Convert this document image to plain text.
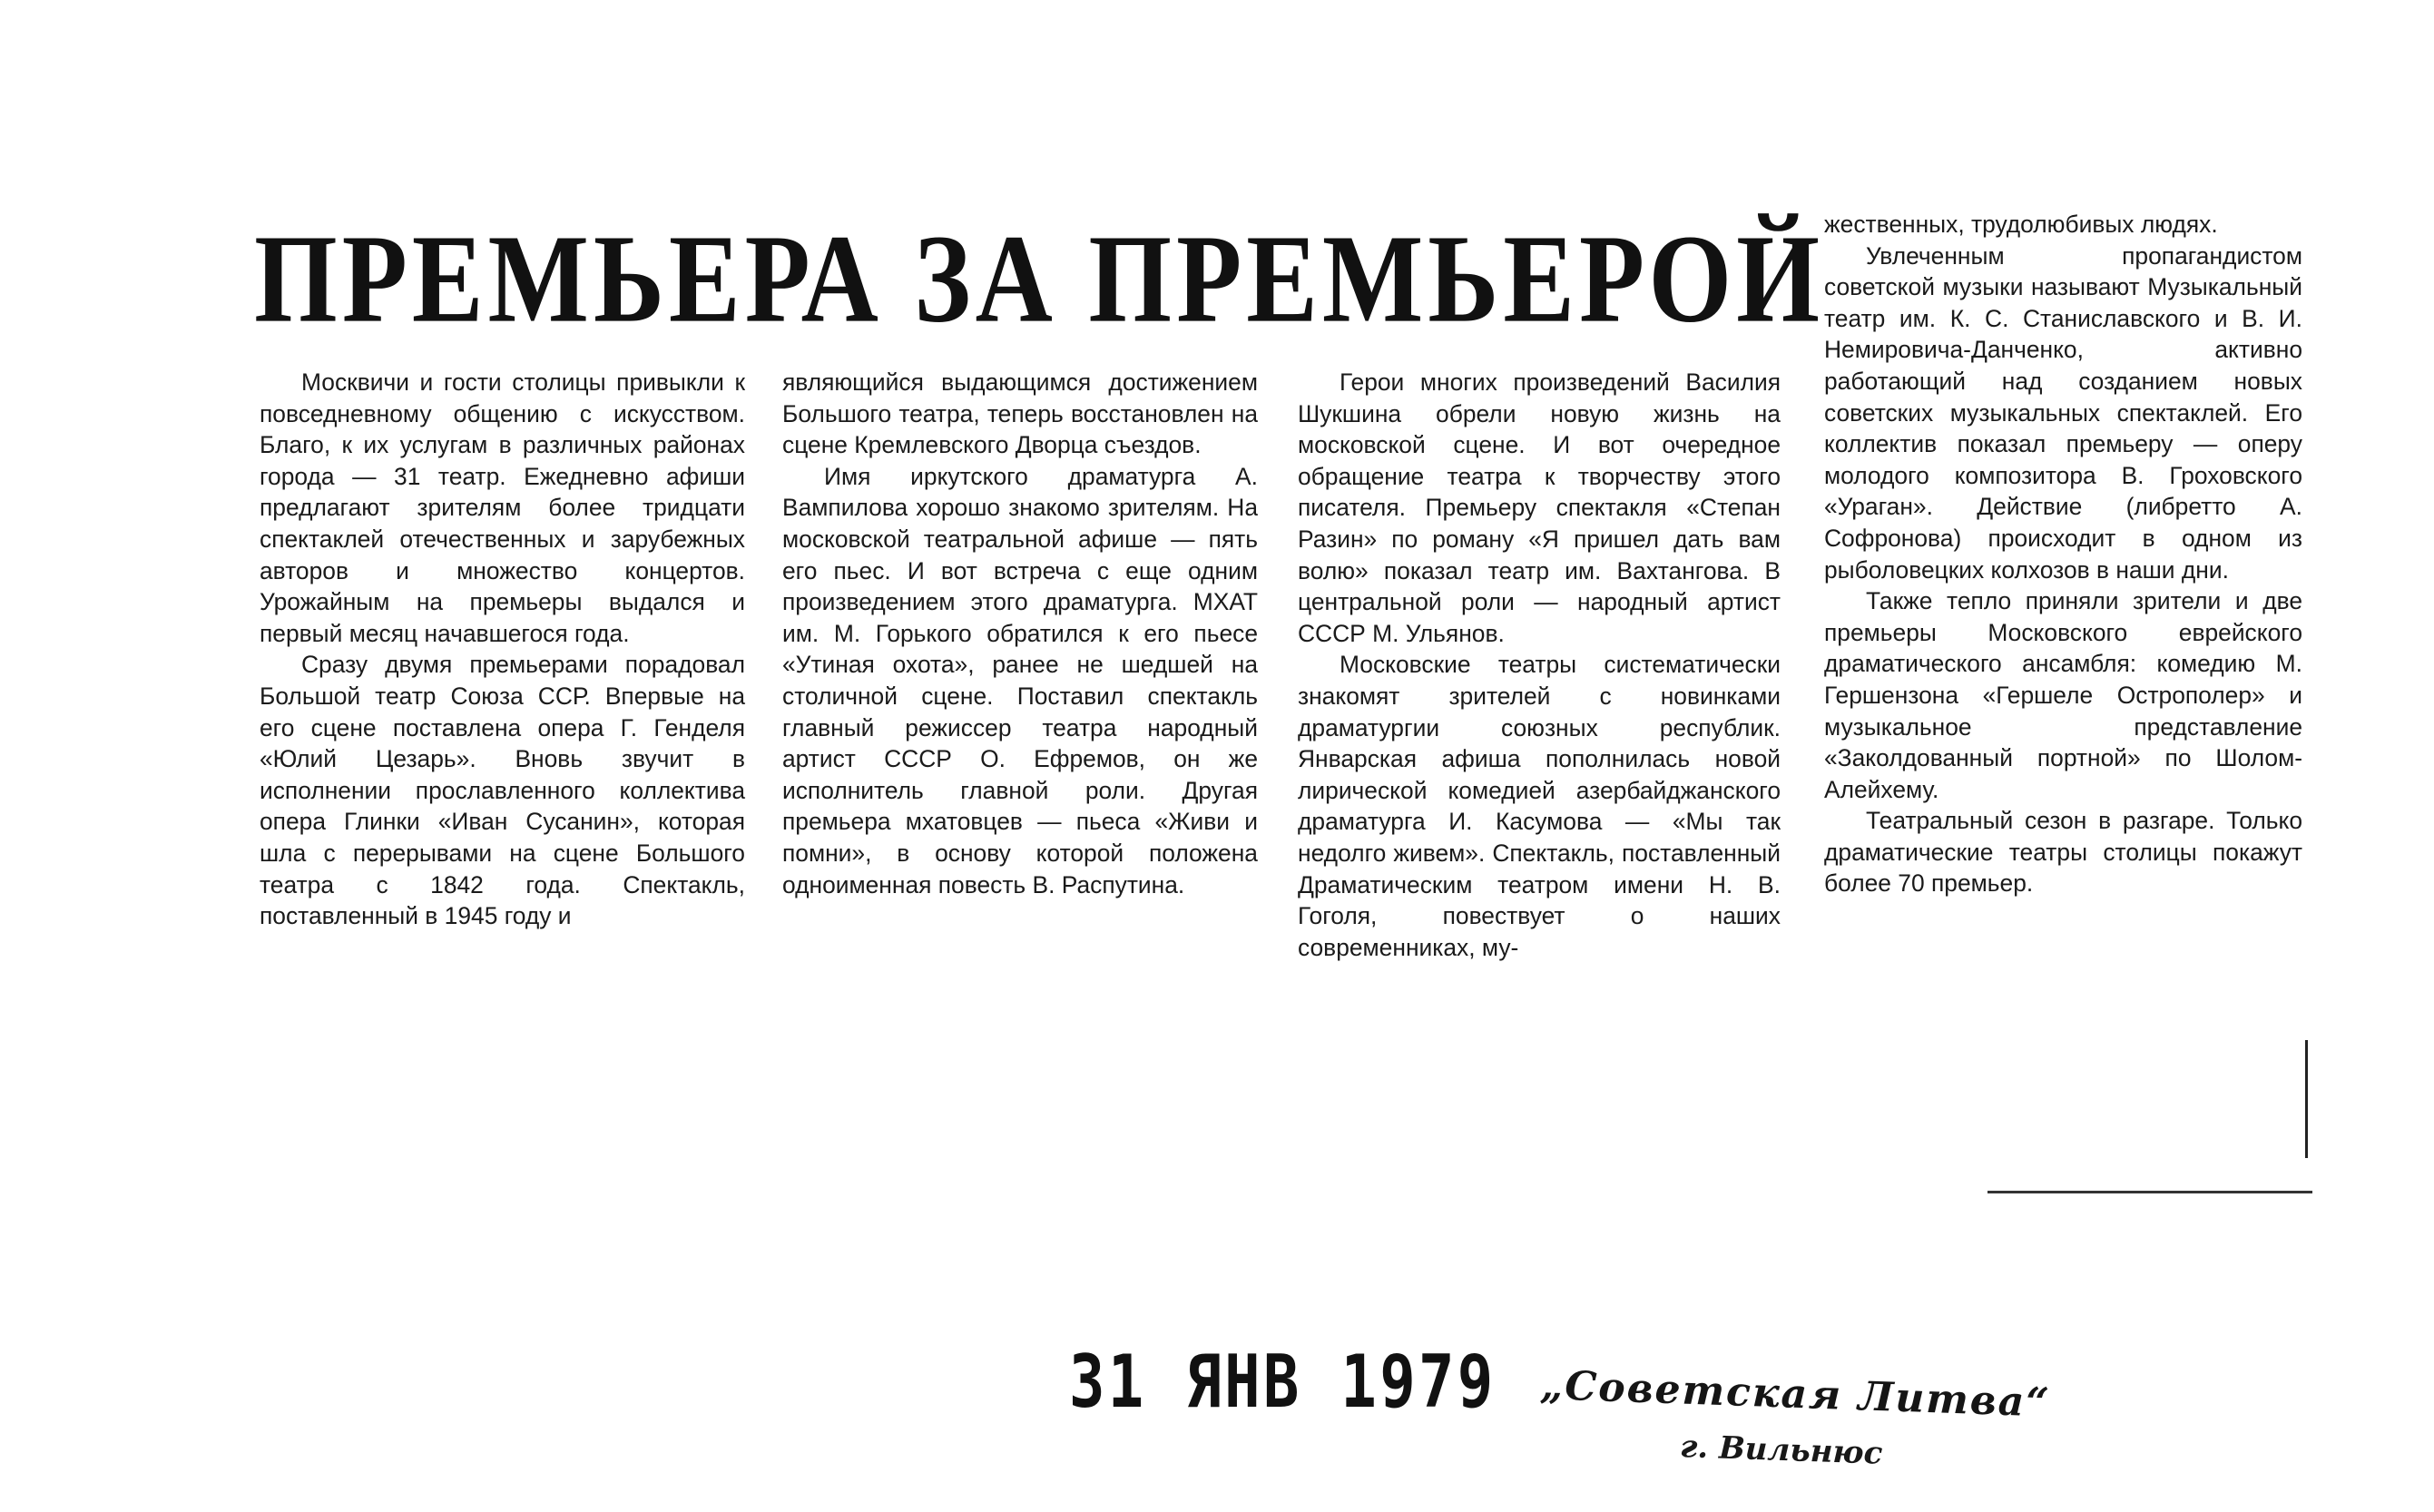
ПРЕМЬЕРА ЗА ПРЕМЬЕРОЙ

Москвичи и гости столицы привыкли к повседневному общению с искусством. Благо, к их услугам в различных районах города — 31 театр. Ежедневно афиши предлагают зрителям более тридцати спектаклей отечественных и зарубежных авторов и множество концертов. Урожайным на премьеры выдался и первый месяц начавшегося года.

Сразу двумя премьерами порадовал Большой театр Союза ССР. Впервые на его сцене поставлена опера Г. Генделя «Юлий Цезарь». Вновь звучит в исполнении прославленного коллектива опера Глинки «Иван Сусанин», которая шла с перерывами на сцене Большого театра с 1842 года. Спектакль, поставленный в 1945 году и

являющийся выдающимся достижением Большого театра, теперь восстановлен на сцене Кремлевского Дворца съездов.

Имя иркутского драматурга А. Вампилова хорошо знакомо зрителям. На московской театральной афише — пять его пьес. И вот встреча с еще одним произведением этого драматурга. МХАТ им. М. Горького обратился к его пьесе «Утиная охота», ранее не шедшей на столичной сцене. Поставил спектакль главный режиссер театра народный артист СССР О. Ефремов, он же исполнитель главной роли. Другая премьера мхатовцев — пьеса «Живи и помни», в основу которой положена одноименная повесть В. Распутина.

Герои многих произведений Василия Шукшина обрели новую жизнь на московской сцене. И вот очередное обращение театра к творчеству этого писателя. Премьеру спектакля «Степан Разин» по роману «Я пришел дать вам волю» показал театр им. Вахтангова. В центральной роли — народный артист СССР М. Ульянов.

Московские театры систематически знакомят зрителей с новинками драматургии союзных республик. Январская афиша пополнилась новой лирической комедией азербайджанского драматурга И. Касумова — «Мы так недолго живем». Спектакль, поставленный Драматическим театром имени Н. В. Гоголя, повествует о наших современниках, му-

жественных, трудолюбивых людях.

Увлеченным пропагандистом советской музыки называют Музыкальный театр им. К. С. Станиславского и В. И. Немировича-Данченко, активно работающий над созданием новых советских музыкальных спектаклей. Его коллектив показал премьеру — оперу молодого композитора В. Гроховского «Ураган». Действие (либретто А. Софронова) происходит в одном из рыболовецких колхозов в наши дни.

Также тепло приняли зрители и две премьеры Московского еврейского драматического ансамбля: комедию М. Гершензона «Гершеле Острополер» и музыкальное представление «Заколдованный портной» по Шолом-Алейхему.

Театральный сезон в разгаре. Только драматические театры столицы покажут более 70 премьер.

31 ЯНВ 1979 „Советская Литва“
г. Вильнюс
